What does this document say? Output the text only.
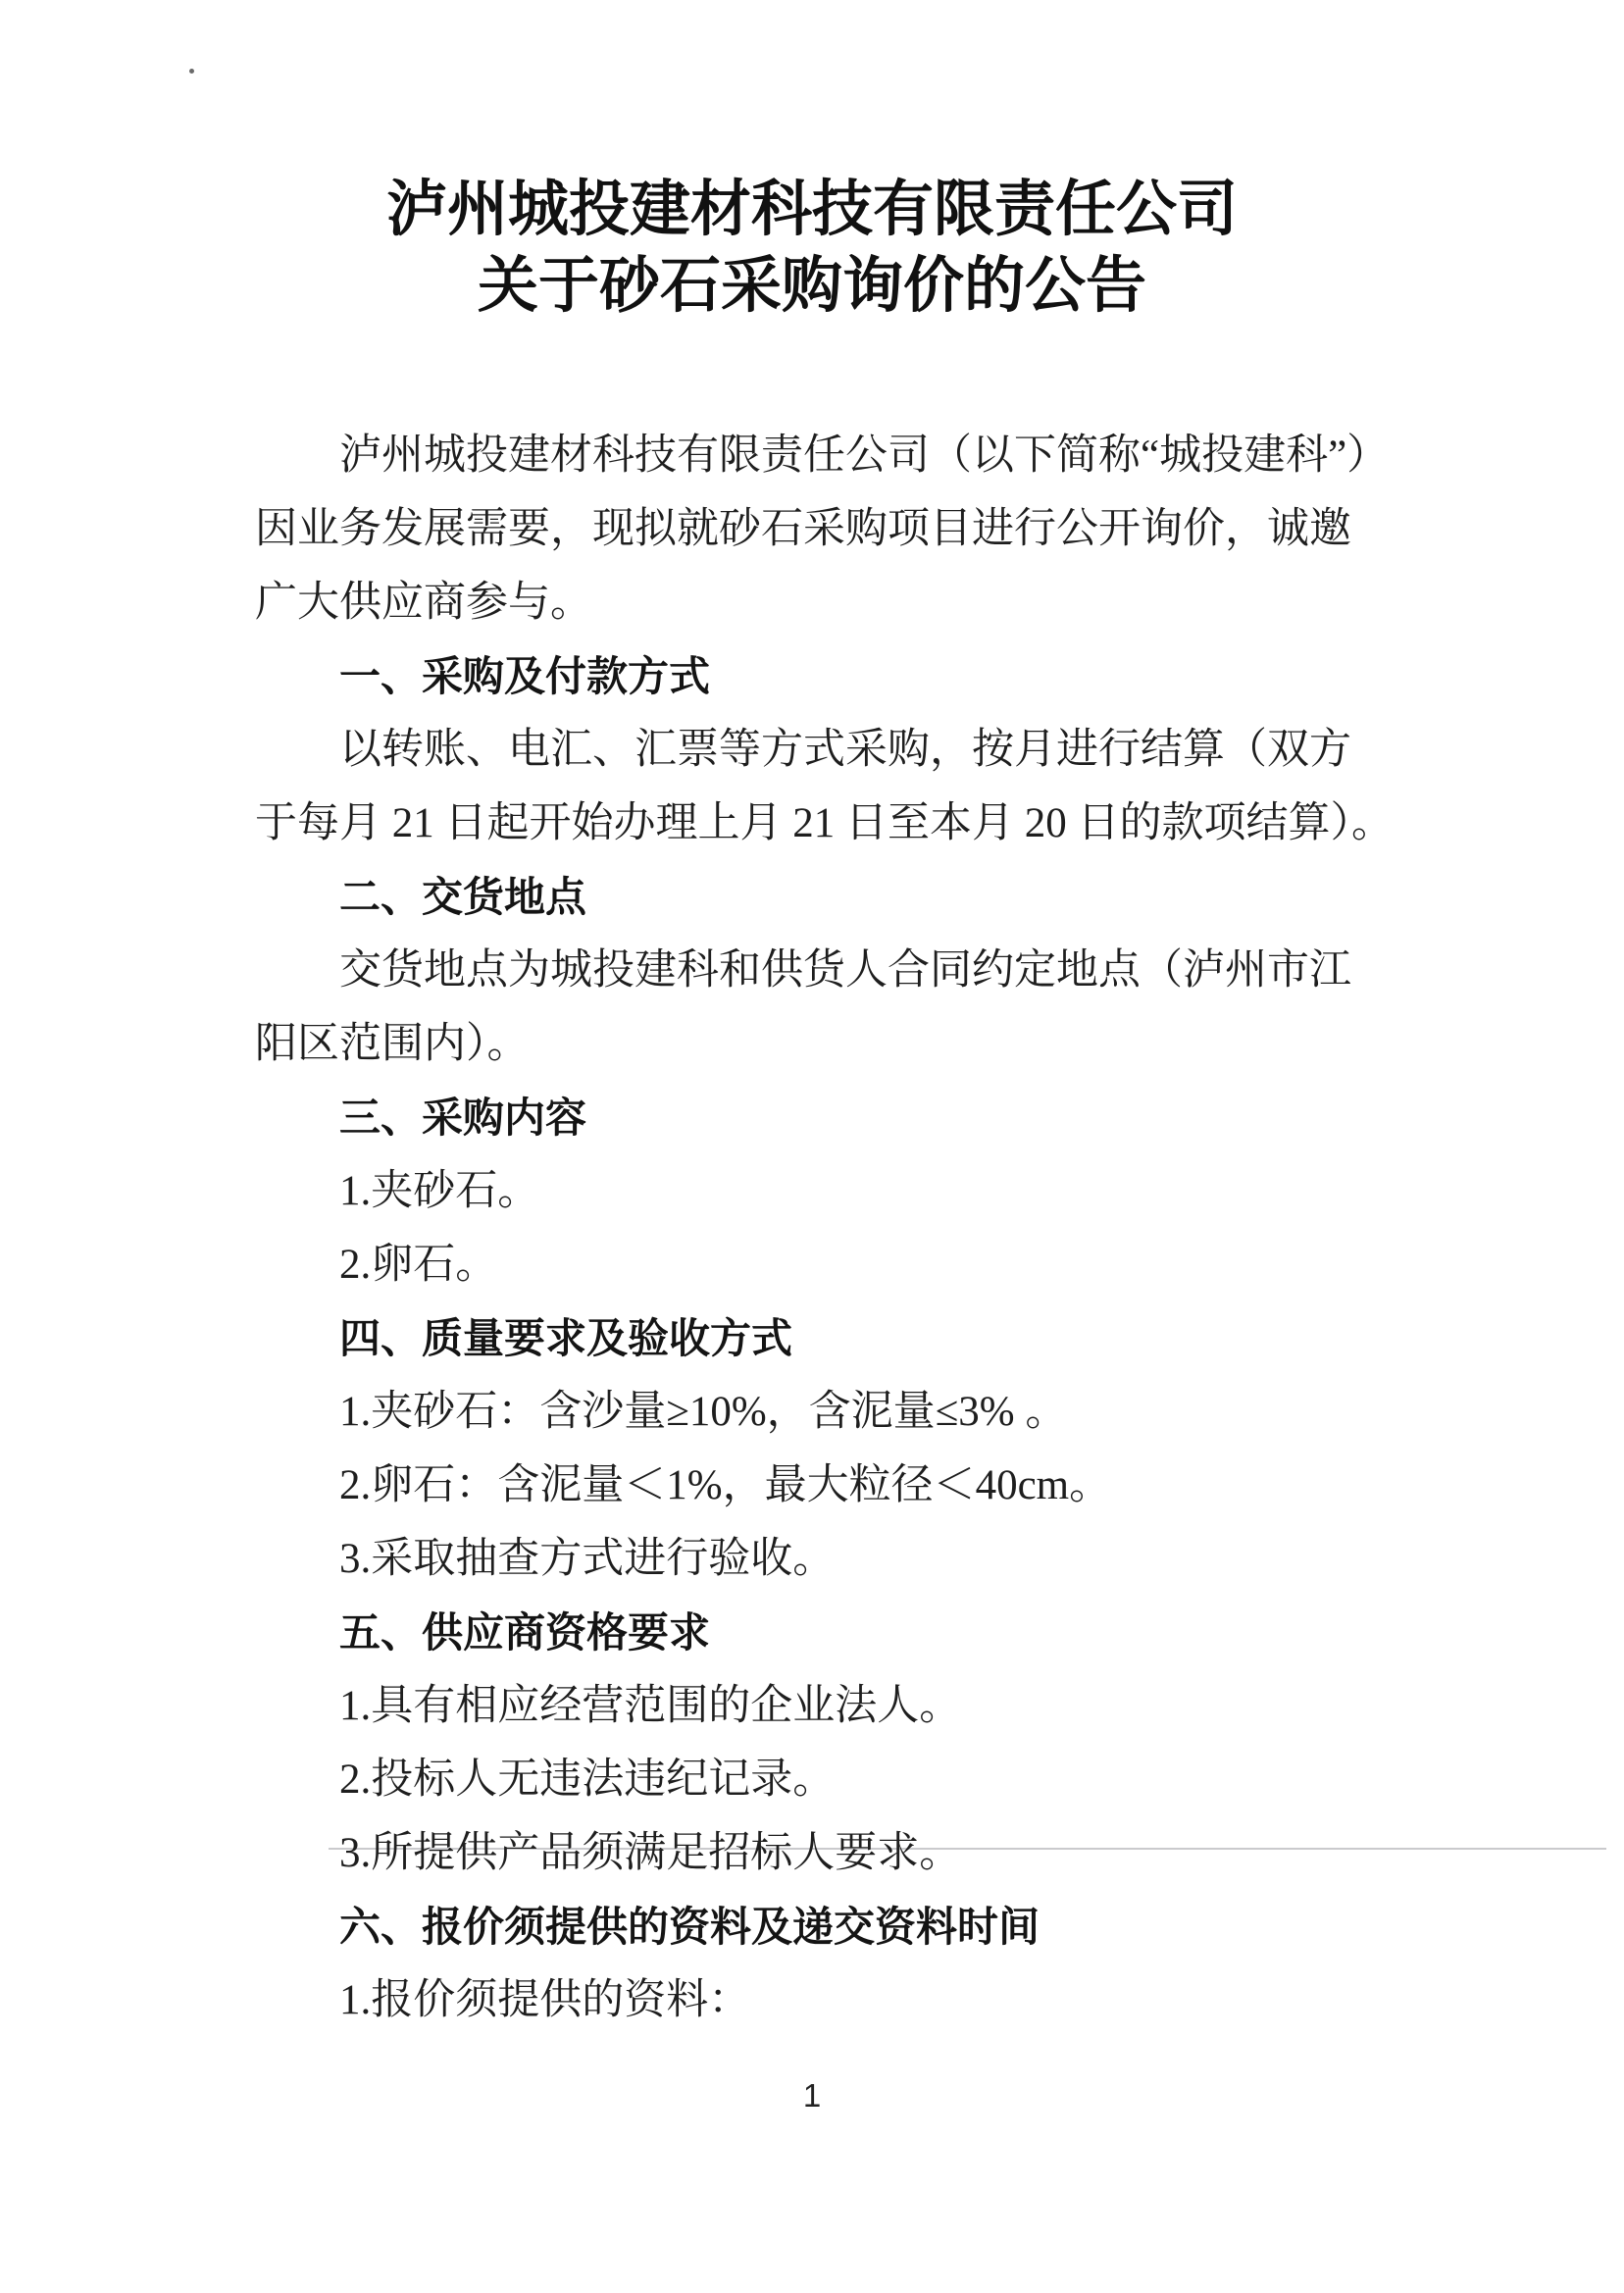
泸州城投建材科技有限责任公司
关于砂石采购询价的公告
泸州城投建材科技有限责任公司（以下简称“城投建科”）
因业务发展需要，现拟就砂石采购项目进行公开询价，诚邀
广大供应商参与。
一、采购及付款方式
以转账、电汇、汇票等方式采购，按月进行结算（双方
于每月 21 日起开始办理上月 21 日至本月 20 日的款项结算）。
二、交货地点
交货地点为城投建科和供货人合同约定地点（泸州市江
阳区范围内）。
三、采购内容
1.夹砂石。
2.卵石。
四、质量要求及验收方式
1.夹砂石：含沙量≥10%，含泥量≤3% 。
2.卵石：含泥量＜1%，最大粒径＜40cm。
3.采取抽查方式进行验收。
五、供应商资格要求
1.具有相应经营范围的企业法人。
2.投标人无违法违纪记录。
3.所提供产品须满足招标人要求。
六、报价须提供的资料及递交资料时间
1.报价须提供的资料：
1
